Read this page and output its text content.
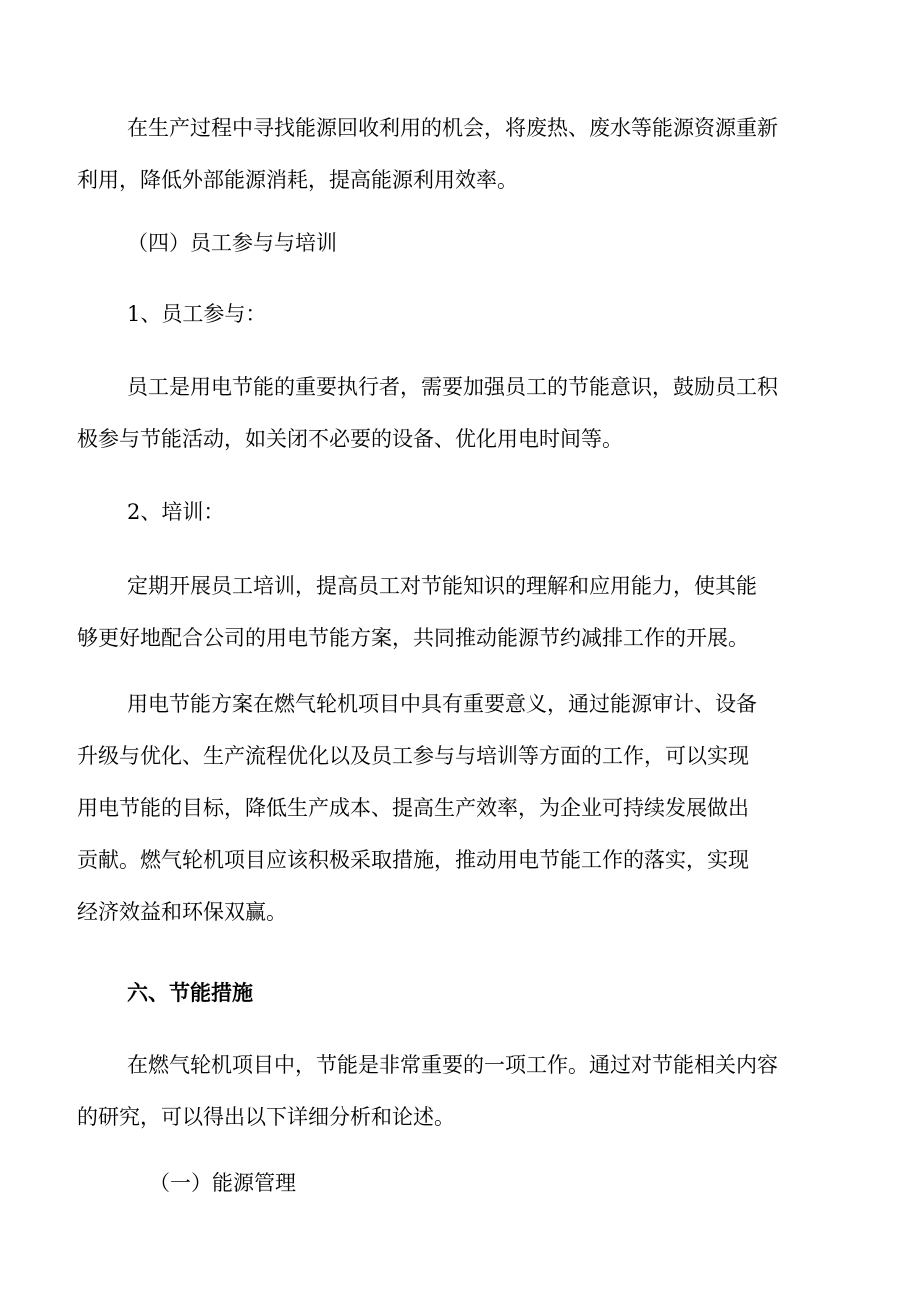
在生产过程中寻找能源回收利用的机会，将废热、废水等能源资源重新
利用，降低外部能源消耗，提高能源利用效率。

（四）员工参与与培训

1、员工参与：

员工是用电节能的重要执行者，需要加强员工的节能意识，鼓励员工积
极参与节能活动，如关闭不必要的设备、优化用电时间等。

2、培训：

定期开展员工培训，提高员工对节能知识的理解和应用能力，使其能
够更好地配合公司的用电节能方案，共同推动能源节约减排工作的开展。

用电节能方案在燃气轮机项目中具有重要意义，通过能源审计、设备
升级与优化、生产流程优化以及员工参与与培训等方面的工作，可以实现
用电节能的目标，降低生产成本、提高生产效率，为企业可持续发展做出
贡献。燃气轮机项目应该积极采取措施，推动用电节能工作的落实，实现
经济效益和环保双赢。

六、节能措施

在燃气轮机项目中，节能是非常重要的一项工作。通过对节能相关内容
的研究，可以得出以下详细分析和论述。

（一）能源管理
